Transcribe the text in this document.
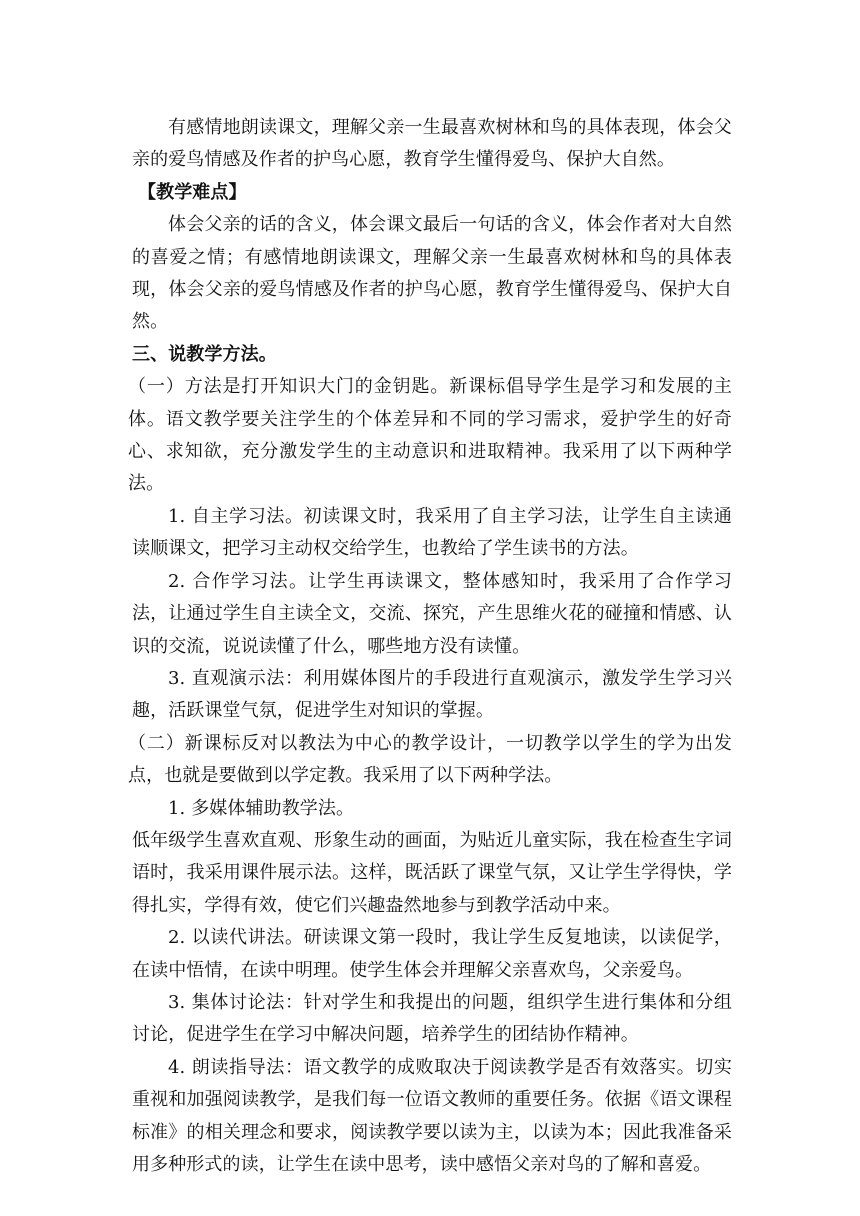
有感情地朗读课文，理解父亲一生最喜欢树林和鸟的具体表现，体会父亲的爱鸟情感及作者的护鸟心愿，教育学生懂得爱鸟、保护大自然。

【教学难点】

体会父亲的话的含义，体会课文最后一句话的含义，体会作者对大自然的喜爱之情；有感情地朗读课文，理解父亲一生最喜欢树林和鸟的具体表现，体会父亲的爱鸟情感及作者的护鸟心愿，教育学生懂得爱鸟、保护大自然。

三、说教学方法。

（一）方法是打开知识大门的金钥匙。新课标倡导学生是学习和发展的主体。语文教学要关注学生的个体差异和不同的学习需求，爱护学生的好奇心、求知欲，充分激发学生的主动意识和进取精神。我采用了以下两种学法。

1. 自主学习法。初读课文时，我采用了自主学习法，让学生自主读通读顺课文，把学习主动权交给学生，也教给了学生读书的方法。

2. 合作学习法。让学生再读课文，整体感知时，我采用了合作学习法，让通过学生自主读全文，交流、探究，产生思维火花的碰撞和情感、认识的交流，说说读懂了什么，哪些地方没有读懂。

3. 直观演示法：利用媒体图片的手段进行直观演示，激发学生学习兴趣，活跃课堂气氛，促进学生对知识的掌握。

（二）新课标反对以教法为中心的教学设计，一切教学以学生的学为出发点，也就是要做到以学定教。我采用了以下两种学法。

1. 多媒体辅助教学法。

低年级学生喜欢直观、形象生动的画面，为贴近儿童实际，我在检查生字词语时，我采用课件展示法。这样，既活跃了课堂气氛，又让学生学得快，学得扎实，学得有效，使它们兴趣盎然地参与到教学活动中来。

2. 以读代讲法。研读课文第一段时，我让学生反复地读，以读促学，在读中悟情，在读中明理。使学生体会并理解父亲喜欢鸟，父亲爱鸟。

3. 集体讨论法：针对学生和我提出的问题，组织学生进行集体和分组讨论，促进学生在学习中解决问题，培养学生的团结协作精神。

4. 朗读指导法：语文教学的成败取决于阅读教学是否有效落实。切实重视和加强阅读教学，是我们每一位语文教师的重要任务。依据《语文课程标准》的相关理念和要求，阅读教学要以读为主，以读为本；因此我准备采用多种形式的读，让学生在读中思考，读中感悟父亲对鸟的了解和喜爱。
